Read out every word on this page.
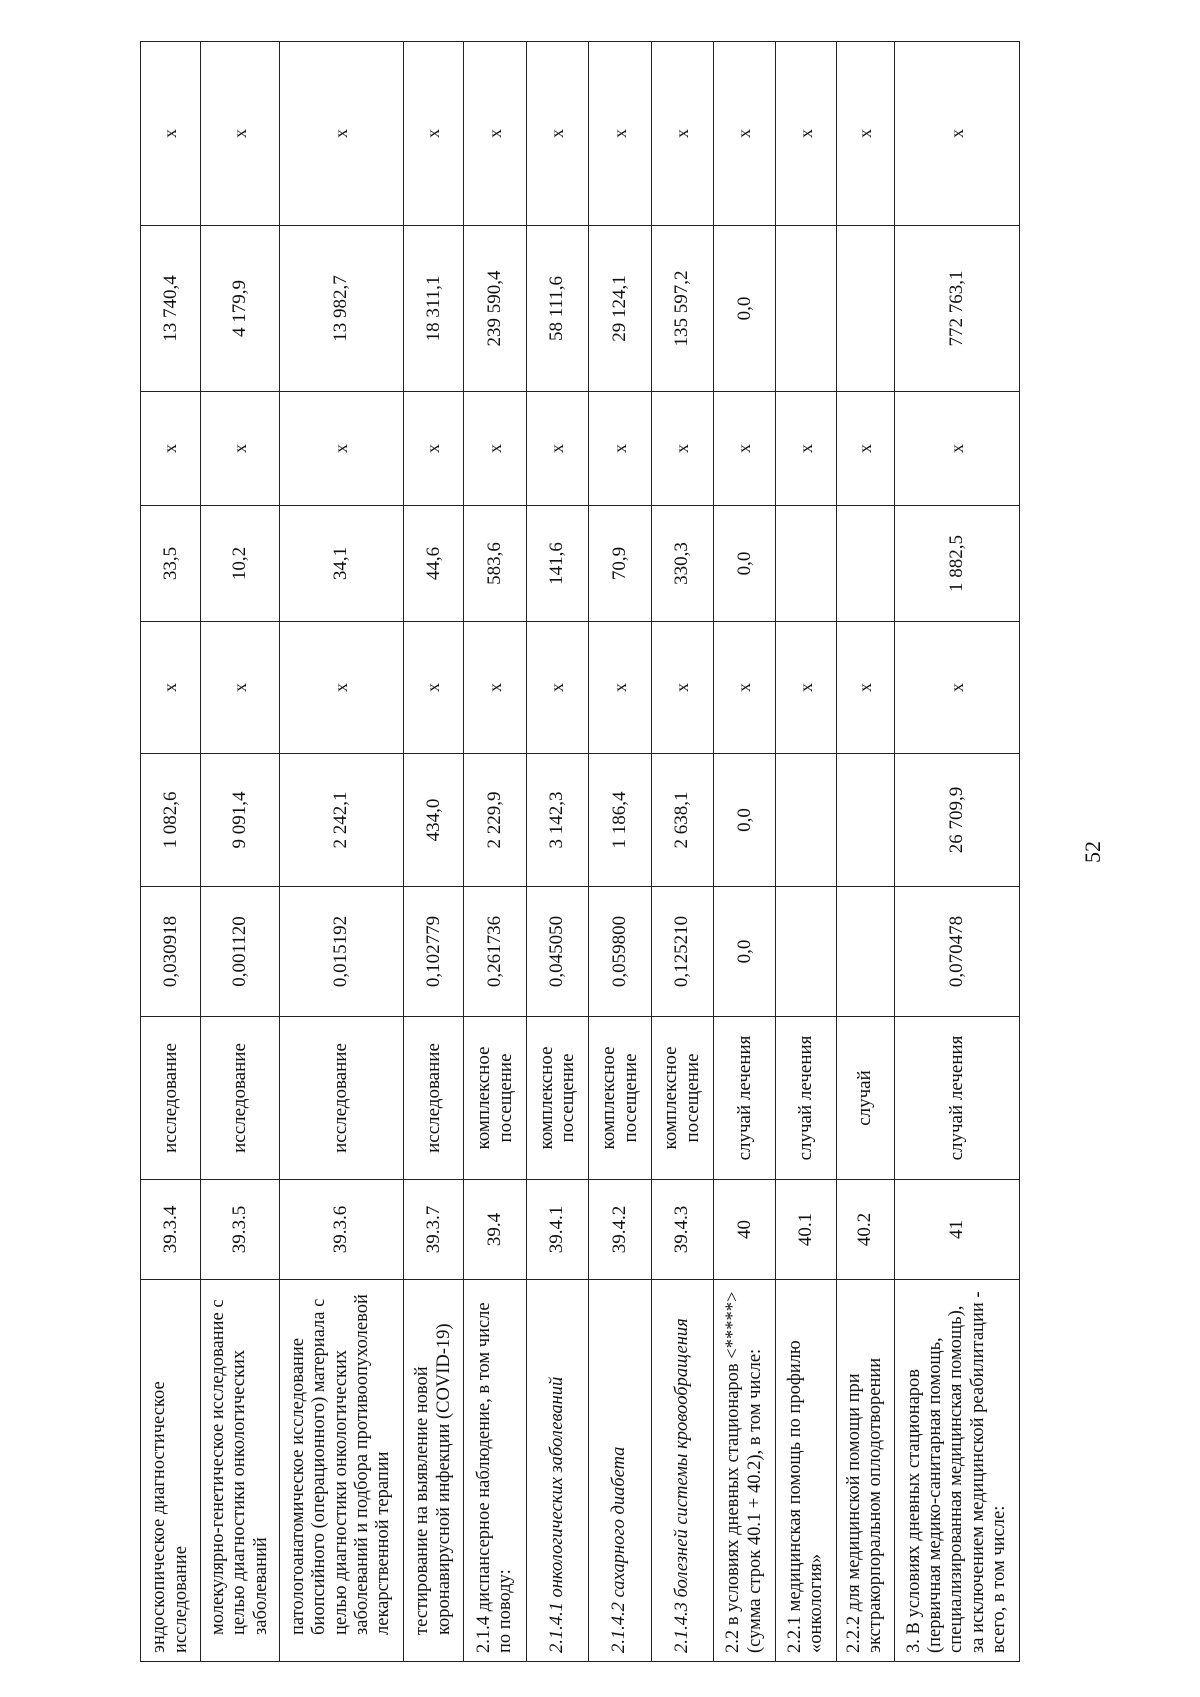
эндоскопическое диагностическое исследование	39.3.4	исследование	0,030918	1 082,6	х	33,5	х	13 740,4	х
молекулярно-генетическое исследование с целью диагностики онкологических заболеваний	39.3.5	исследование	0,001120	9 091,4	х	10,2	х	4 179,9	х
патологоанатомическое исследование биопсийного (операционного) материала с целью диагностики онкологических заболеваний и подбора противоопухолевой лекарственной терапии	39.3.6	исследование	0,015192	2 242,1	х	34,1	х	13 982,7	х
тестирование на выявление новой коронавирусной инфекции (COVID-19)	39.3.7	исследование	0,102779	434,0	х	44,6	х	18 311,1	х
2.1.4 диспансерное наблюдение, в том числе по поводу:	39.4	комплексное посещение	0,261736	2 229,9	х	583,6	х	239 590,4	х
2.1.4.1 онкологических заболеваний	39.4.1	комплексное посещение	0,045050	3 142,3	х	141,6	х	58 111,6	х
2.1.4.2 сахарного диабета	39.4.2	комплексное посещение	0,059800	1 186,4	х	70,9	х	29 124,1	х
2.1.4.3 болезней системы кровообращения	39.4.3	комплексное посещение	0,125210	2 638,1	х	330,3	х	135 597,2	х
2.2 в условиях дневных стационаров <*****> (сумма строк 40.1 + 40.2), в том числе:	40	случай лечения	0,0	0,0	х	0,0	х	0,0	х
2.2.1 медицинская помощь по профилю «онкология»	40.1	случай лечения			х		х		х
2.2.2 для медицинской помощи при экстракорпоральном оплодотворении	40.2	случай			х		х		х
3. В условиях дневных стационаров (первичная медико-санитарная помощь, специализированная медицинская помощь), за исключением медицинской реабилитации - всего, в том числе:	41	случай лечения	0,070478	26 709,9	х	1 882,5	х	772 763,1	х
52
